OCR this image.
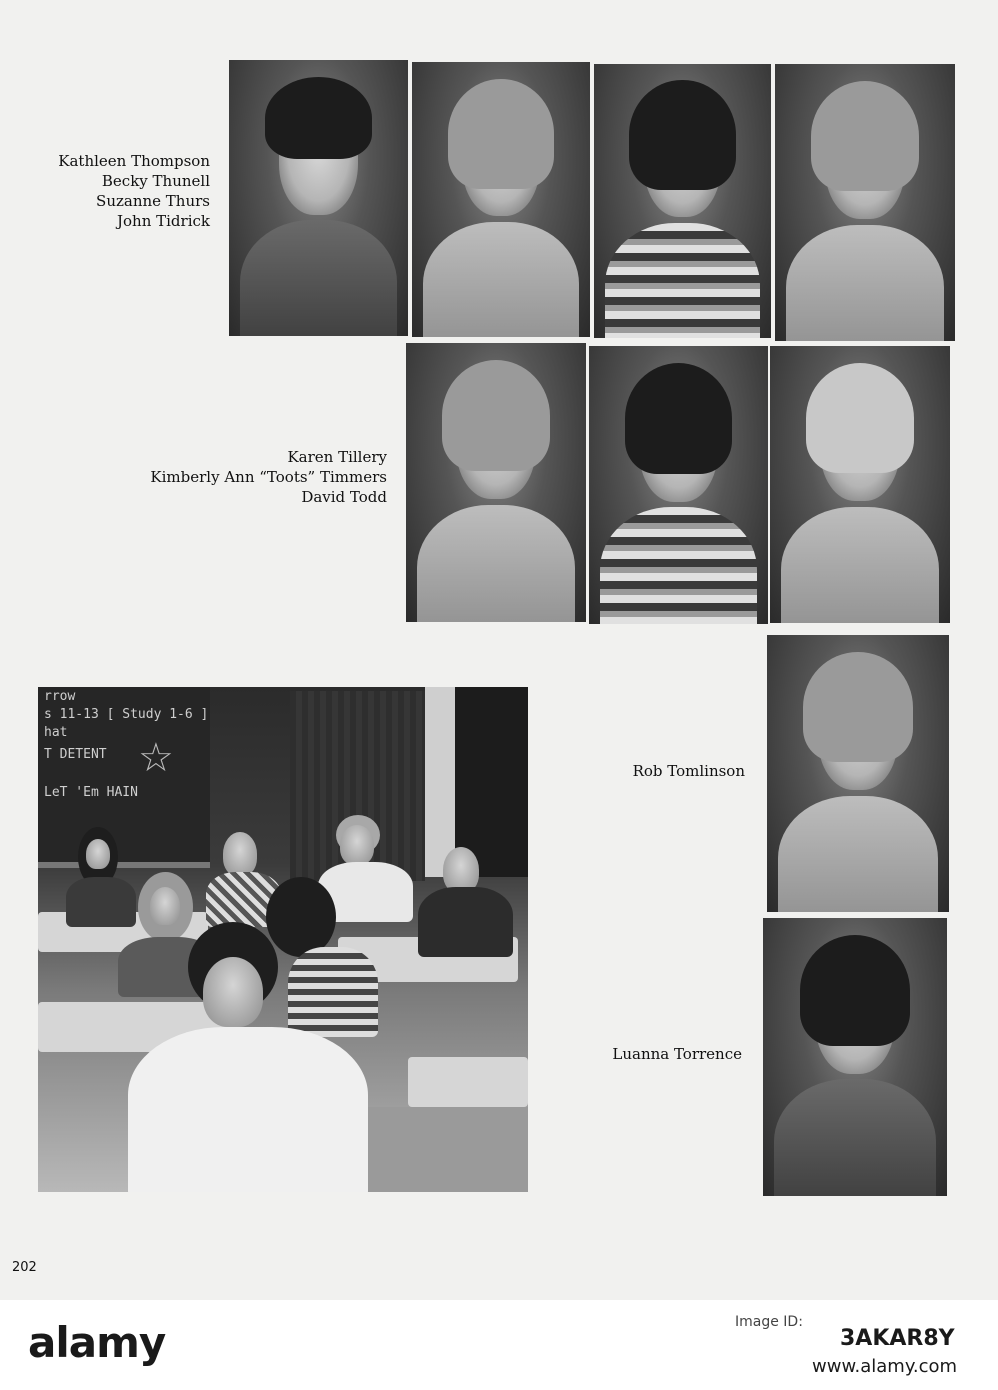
Kathleen Thompson
Becky Thunell
Suzanne Thurs
John Tidrick
Karen Tillery
Kimberly Ann “Toots” Timmers
David Todd
rrow
s 11-13 [ Study 1-6 ]
hat
T DETENT
LeT 'Em HAIN
☆	Rob Tomlinson
Luanna Torrence
202
alamy	Image ID:
3AKAR8Y
www.alamy.com
